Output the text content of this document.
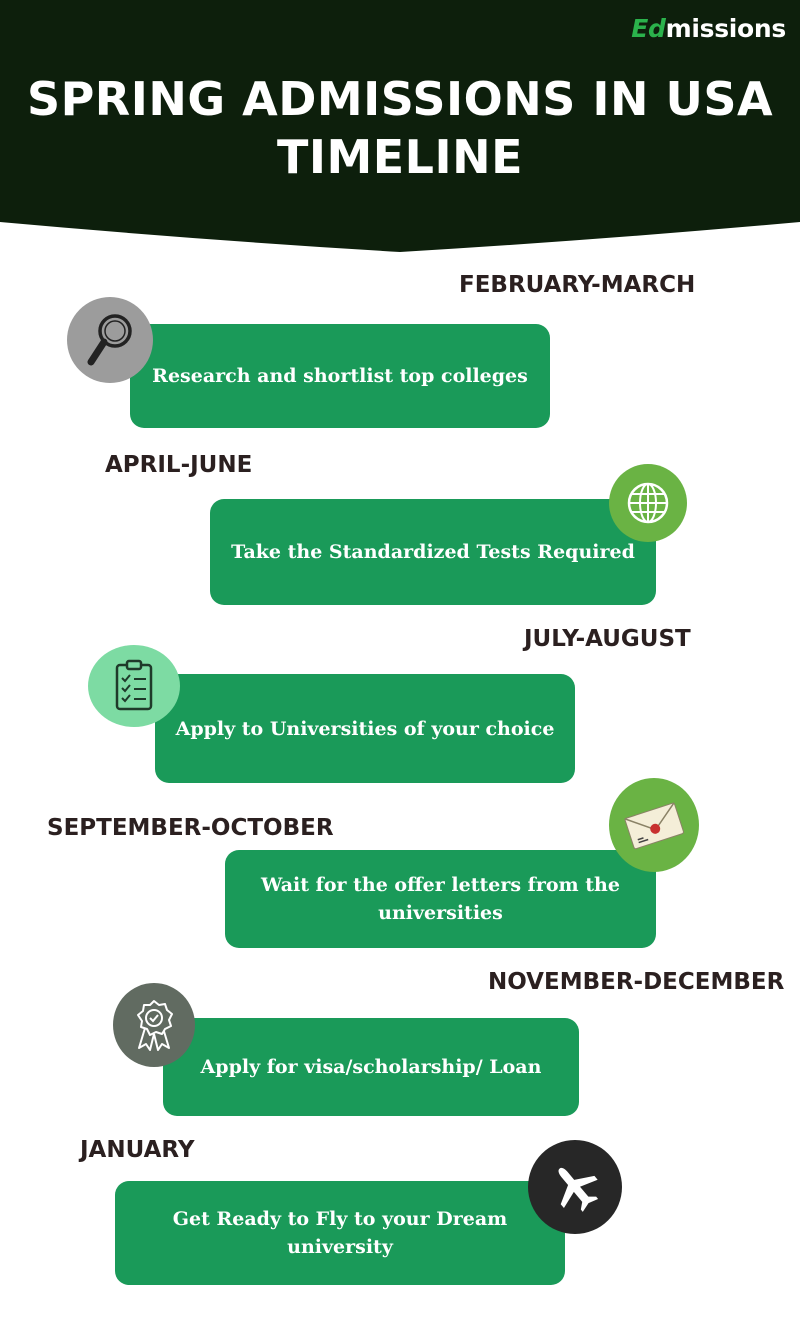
Edmissions
SPRING ADMISSIONS IN USA
TIMELINE
FEBRUARY-MARCH
Research and shortlist top colleges
APRIL-JUNE
Take the Standardized Tests Required
JULY-AUGUST
Apply to Universities of your choice
SEPTEMBER-OCTOBER
Wait for the offer letters from the universities
NOVEMBER-DECEMBER
Apply for visa/scholarship/ Loan
JANUARY
Get Ready to Fly to your Dream university
